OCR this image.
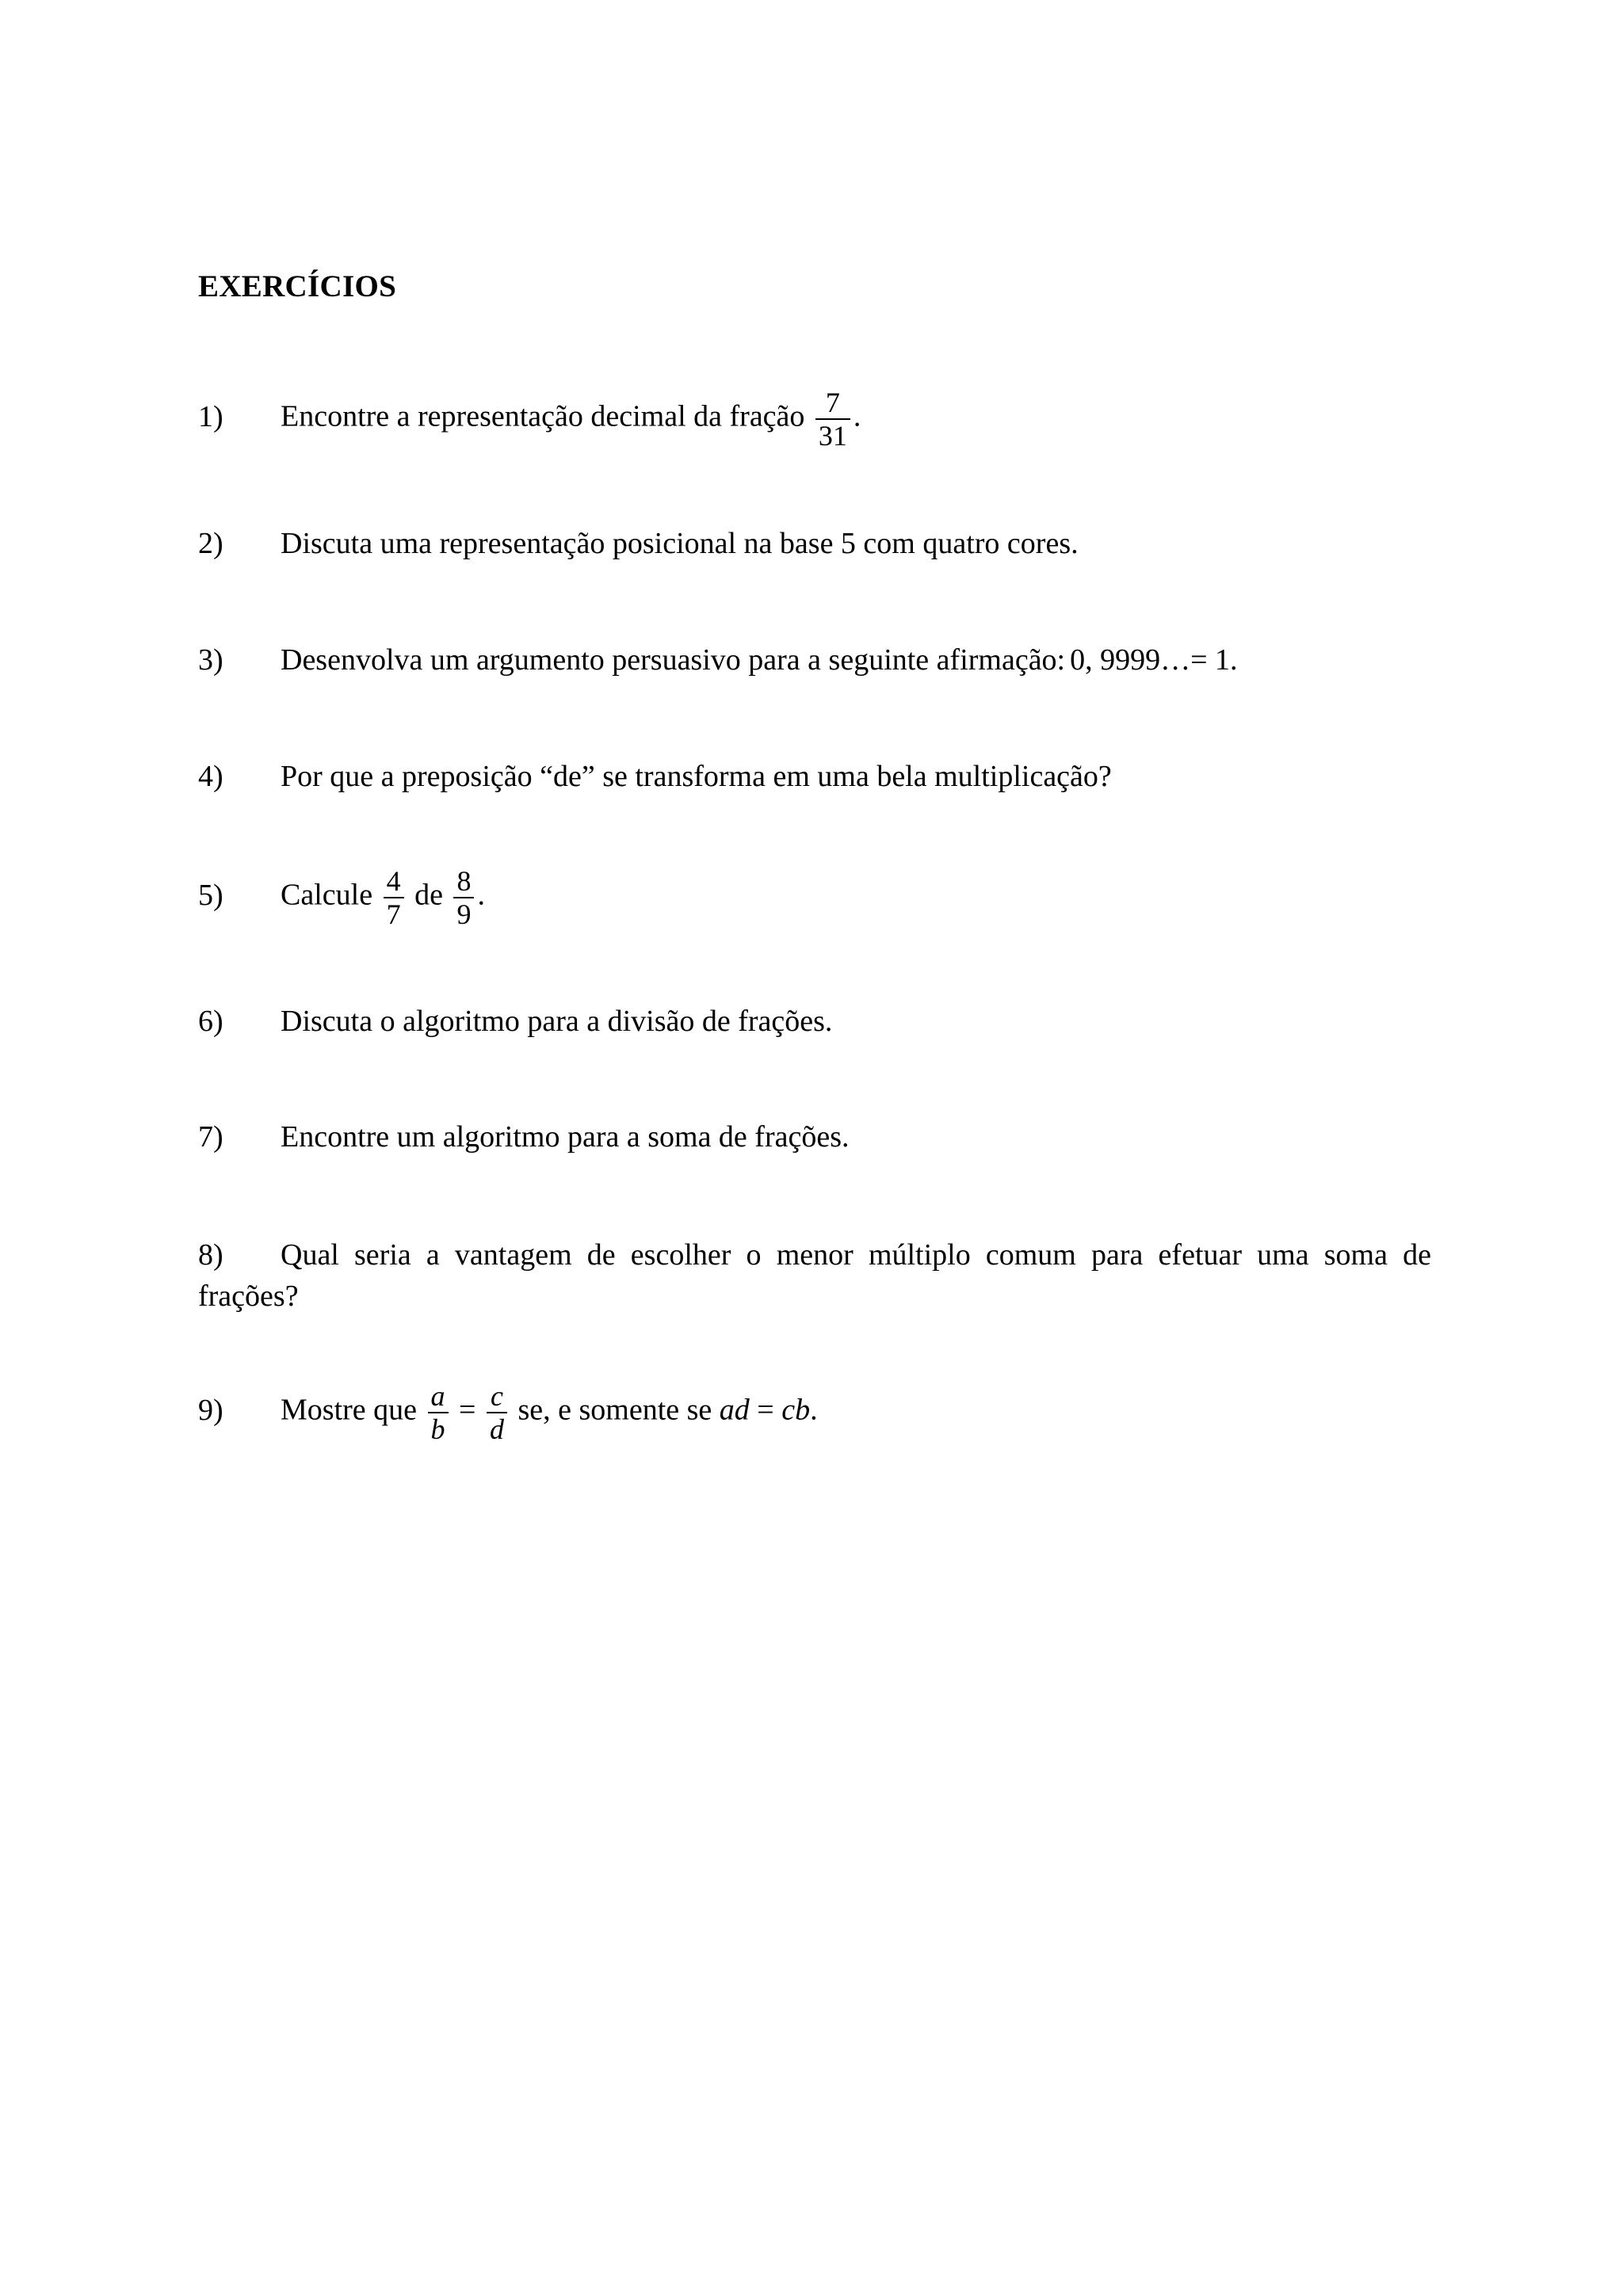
EXERCÍCIOS
1) Encontre a representação decimal da fração $\frac{7}{31}$ .
2) Discuta uma representação posicional na base 5 com quatro cores.
3) Desenvolva um argumento persuasivo para a seguinte afirmação: 0, 9999…= 1.
4) Por que a preposição “de” se transforma em uma bela multiplicação?
5) Calcule $\frac{4}{7}$ de $\frac{8}{9}$ .
6) Discuta o algoritmo para a divisão de frações.
7) Encontre um algoritmo para a soma de frações.
8) Qual seria a vantagem de escolher o menor múltiplo comum para efetuar uma soma de frações?
9) Mostre que $\frac{a}{b} = \frac{c}{d}$ se, e somente se ad = cb.
